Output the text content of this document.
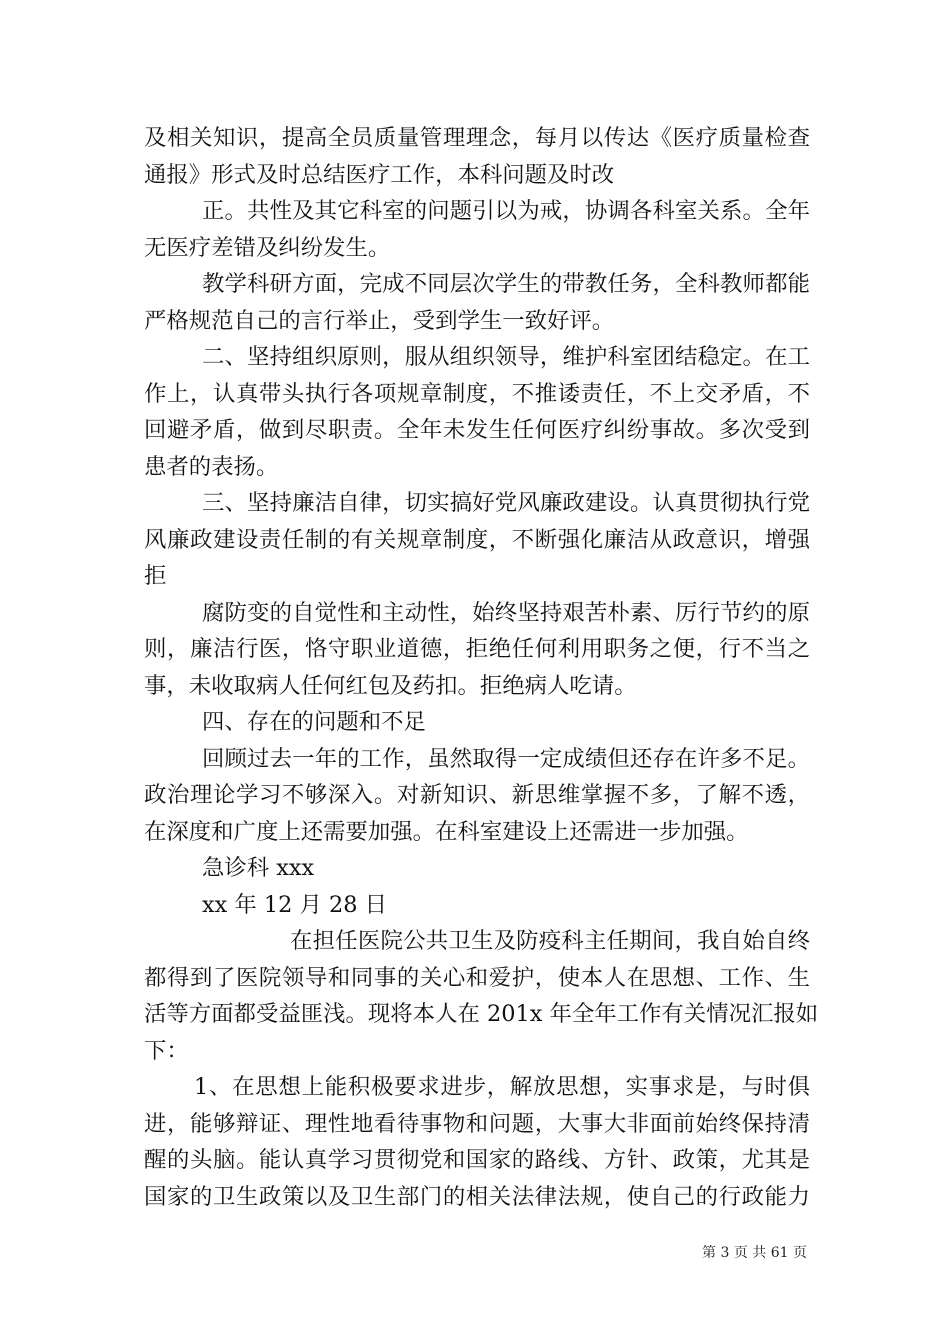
及相关知识，提高全员质量管理理念，每月以传达《医疗质量检查
通报》形式及时总结医疗工作，本科问题及时改
正。共性及其它科室的问题引以为戒，协调各科室关系。全年
无医疗差错及纠纷发生。
教学科研方面，完成不同层次学生的带教任务，全科教师都能
严格规范自己的言行举止，受到学生一致好评。
二、坚持组织原则，服从组织领导，维护科室团结稳定。在工
作上，认真带头执行各项规章制度，不推诿责任，不上交矛盾，不
回避矛盾，做到尽职责。全年未发生任何医疗纠纷事故。多次受到
患者的表扬。
三、坚持廉洁自律，切实搞好党风廉政建设。认真贯彻执行党
风廉政建设责任制的有关规章制度，不断强化廉洁从政意识，增强
拒
腐防变的自觉性和主动性，始终坚持艰苦朴素、厉行节约的原
则，廉洁行医，恪守职业道德，拒绝任何利用职务之便，行不当之
事，未收取病人任何红包及药扣。拒绝病人吃请。
四、存在的问题和不足
回顾过去一年的工作，虽然取得一定成绩但还存在许多不足。
政治理论学习不够深入。对新知识、新思维掌握不多，了解不透，
在深度和广度上还需要加强。在科室建设上还需进一步加强。
急诊科 xxx
xx 年 12 月 28 日
在担任医院公共卫生及防疫科主任期间，我自始自终
都得到了医院领导和同事的关心和爱护，使本人在思想、工作、生
活等方面都受益匪浅。现将本人在 201x 年全年工作有关情况汇报如
下：
1、在思想上能积极要求进步，解放思想，实事求是，与时俱
进，能够辩证、理性地看待事物和问题，大事大非面前始终保持清
醒的头脑。能认真学习贯彻党和国家的路线、方针、政策，尤其是
国家的卫生政策以及卫生部门的相关法律法规，使自己的行政能力
第 3 页 共 61 页
